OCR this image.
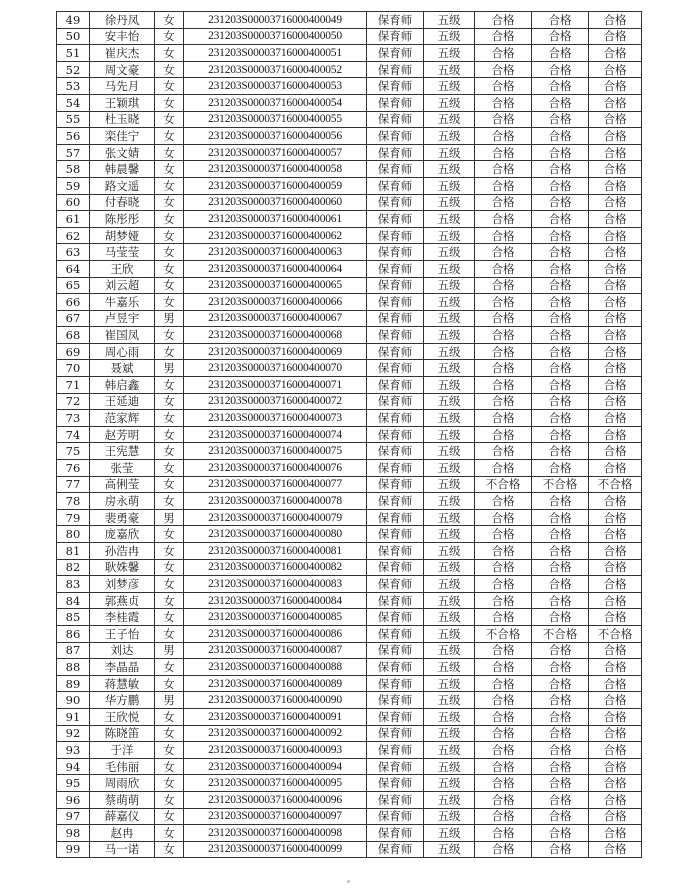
49	徐丹凤	女	231203S00003716000400049	保育师	五级	合格	合格	合格
50	安丰怡	女	231203S00003716000400050	保育师	五级	合格	合格	合格
51	崔庆杰	女	231203S00003716000400051	保育师	五级	合格	合格	合格
52	周文豪	女	231203S00003716000400052	保育师	五级	合格	合格	合格
53	马先月	女	231203S00003716000400053	保育师	五级	合格	合格	合格
54	王颖琪	女	231203S00003716000400054	保育师	五级	合格	合格	合格
55	杜玉晓	女	231203S00003716000400055	保育师	五级	合格	合格	合格
56	栾佳宁	女	231203S00003716000400056	保育师	五级	合格	合格	合格
57	张文婧	女	231203S00003716000400057	保育师	五级	合格	合格	合格
58	韩晨馨	女	231203S00003716000400058	保育师	五级	合格	合格	合格
59	路文遥	女	231203S00003716000400059	保育师	五级	合格	合格	合格
60	付春晓	女	231203S00003716000400060	保育师	五级	合格	合格	合格
61	陈彤彤	女	231203S00003716000400061	保育师	五级	合格	合格	合格
62	胡梦娅	女	231203S00003716000400062	保育师	五级	合格	合格	合格
63	马莹莹	女	231203S00003716000400063	保育师	五级	合格	合格	合格
64	王欣	女	231203S00003716000400064	保育师	五级	合格	合格	合格
65	刘云超	女	231203S00003716000400065	保育师	五级	合格	合格	合格
66	牛嘉乐	女	231203S00003716000400066	保育师	五级	合格	合格	合格
67	卢昱宇	男	231203S00003716000400067	保育师	五级	合格	合格	合格
68	崔国凤	女	231203S00003716000400068	保育师	五级	合格	合格	合格
69	周心雨	女	231203S00003716000400069	保育师	五级	合格	合格	合格
70	聂斌	男	231203S00003716000400070	保育师	五级	合格	合格	合格
71	韩启鑫	女	231203S00003716000400071	保育师	五级	合格	合格	合格
72	王延迪	女	231203S00003716000400072	保育师	五级	合格	合格	合格
73	范家辉	女	231203S00003716000400073	保育师	五级	合格	合格	合格
74	赵芳明	女	231203S00003716000400074	保育师	五级	合格	合格	合格
75	王宪慧	女	231203S00003716000400075	保育师	五级	合格	合格	合格
76	张莹	女	231203S00003716000400076	保育师	五级	合格	合格	合格
77	高俐莹	女	231203S00003716000400077	保育师	五级	不合格	不合格	不合格
78	房永萌	女	231203S00003716000400078	保育师	五级	合格	合格	合格
79	裴勇豪	男	231203S00003716000400079	保育师	五级	合格	合格	合格
80	庞嘉欣	女	231203S00003716000400080	保育师	五级	合格	合格	合格
81	孙浩冉	女	231203S00003716000400081	保育师	五级	合格	合格	合格
82	耿姝馨	女	231203S00003716000400082	保育师	五级	合格	合格	合格
83	刘梦彦	女	231203S00003716000400083	保育师	五级	合格	合格	合格
84	郭燕贞	女	231203S00003716000400084	保育师	五级	合格	合格	合格
85	李桂霞	女	231203S00003716000400085	保育师	五级	合格	合格	合格
86	王子怡	女	231203S00003716000400086	保育师	五级	不合格	不合格	不合格
87	刘达	男	231203S00003716000400087	保育师	五级	合格	合格	合格
88	李晶晶	女	231203S00003716000400088	保育师	五级	合格	合格	合格
89	蒋慧敏	女	231203S00003716000400089	保育师	五级	合格	合格	合格
90	华方鹏	男	231203S00003716000400090	保育师	五级	合格	合格	合格
91	王欣悦	女	231203S00003716000400091	保育师	五级	合格	合格	合格
92	陈晓笛	女	231203S00003716000400092	保育师	五级	合格	合格	合格
93	于洋	女	231203S00003716000400093	保育师	五级	合格	合格	合格
94	毛伟丽	女	231203S00003716000400094	保育师	五级	合格	合格	合格
95	周雨欣	女	231203S00003716000400095	保育师	五级	合格	合格	合格
96	蔡萌萌	女	231203S00003716000400096	保育师	五级	合格	合格	合格
97	薛嘉仪	女	231203S00003716000400097	保育师	五级	合格	合格	合格
98	赵冉	女	231203S00003716000400098	保育师	五级	合格	合格	合格
99	马一诺	女	231203S00003716000400099	保育师	五级	合格	合格	合格
